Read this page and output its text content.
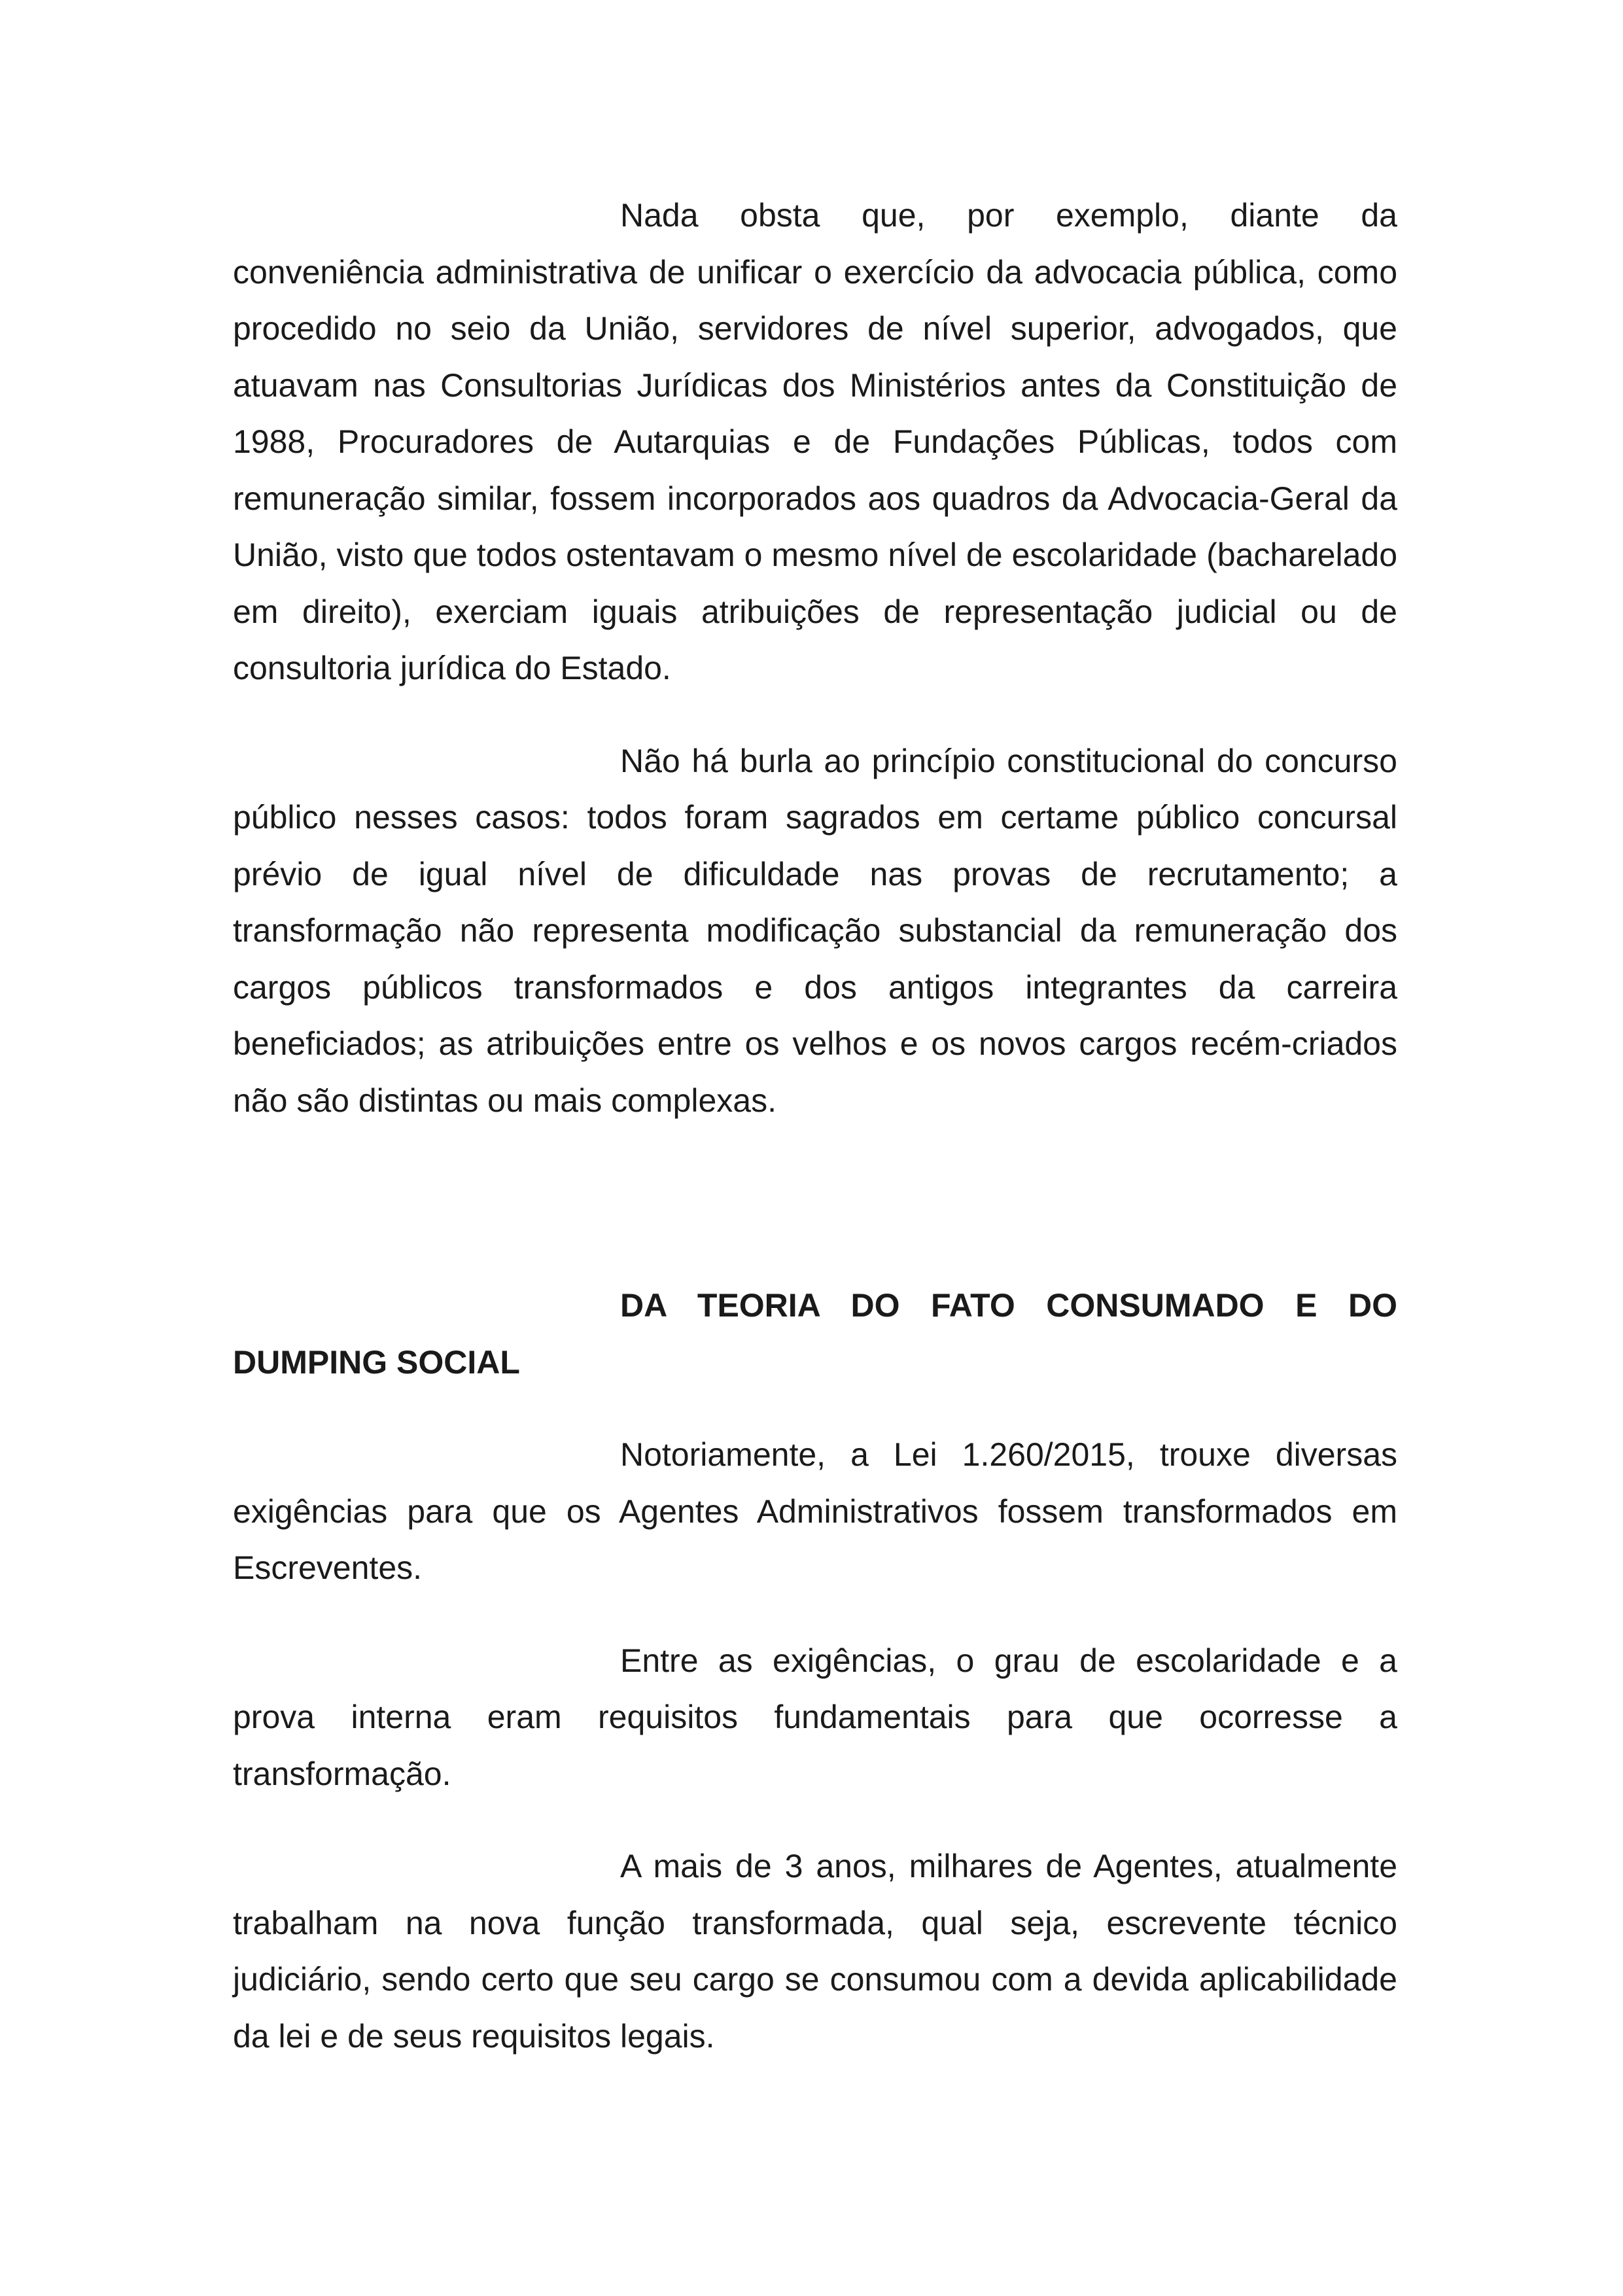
Nada obsta que, por exemplo, diante da conveniência administrativa de unificar o exercício da advocacia pública, como procedido no seio da União, servidores de nível superior, advogados, que atuavam nas Consultorias Jurídicas dos Ministérios antes da Constituição de 1988, Procuradores de Autarquias e de Fundações Públicas, todos com remuneração similar, fossem incorporados aos quadros da Advocacia-Geral da União, visto que todos ostentavam o mesmo nível de escolaridade (bacharelado em direito), exerciam iguais atribuições de representação judicial ou de consultoria jurídica do Estado.

Não há burla ao princípio constitucional do concurso público nesses casos: todos foram sagrados em certame público concursal prévio de igual nível de dificuldade nas provas de recrutamento; a transformação não representa modificação substancial da remuneração dos cargos públicos transformados e dos antigos integrantes da carreira beneficiados; as atribuições entre os velhos e os novos cargos recém-criados não são distintas ou mais complexas.

DA TEORIA DO FATO CONSUMADO E DO DUMPING SOCIAL

Notoriamente, a Lei 1.260/2015, trouxe diversas exigências para que os Agentes Administrativos fossem transformados em Escreventes.

Entre as exigências, o grau de escolaridade e a prova interna eram requisitos fundamentais para que ocorresse a transformação.

A mais de 3 anos, milhares de Agentes, atualmente trabalham na nova função transformada, qual seja, escrevente técnico judiciário, sendo certo que seu cargo se consumou com a devida aplicabilidade da lei e de seus requisitos legais.
